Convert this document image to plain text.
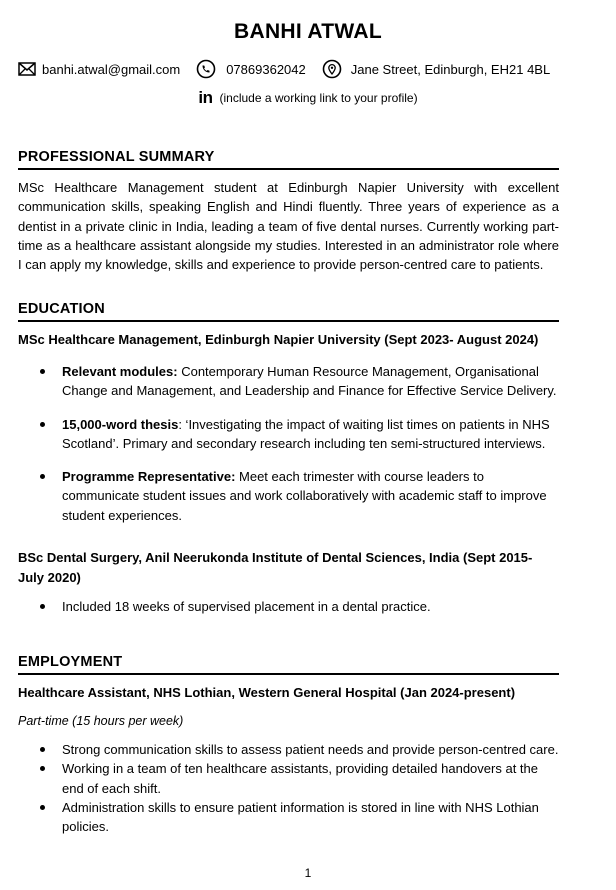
BANHI ATWAL
banhi.atwal@gmail.com	07869362042	Jane Street, Edinburgh, EH21 4BL
in (include a working link to your profile)
PROFESSIONAL SUMMARY
MSc Healthcare Management student at Edinburgh Napier University with excellent communication skills, speaking English and Hindi fluently. Three years of experience as a dentist in a private clinic in India, leading a team of five dental nurses. Currently working part-time as a healthcare assistant alongside my studies. Interested in an administrator role where I can apply my knowledge, skills and experience to provide person-centred care to patients.
EDUCATION
MSc Healthcare Management, Edinburgh Napier University (Sept 2023- August 2024)
Relevant modules: Contemporary Human Resource Management, Organisational Change and Management, and Leadership and Finance for Effective Service Delivery.
15,000-word thesis: ‘Investigating the impact of waiting list times on patients in NHS Scotland’. Primary and secondary research including ten semi-structured interviews.
Programme Representative: Meet each trimester with course leaders to communicate student issues and work collaboratively with academic staff to improve student experiences.
BSc Dental Surgery, Anil Neerukonda Institute of Dental Sciences, India (Sept 2015- July 2020)
Included 18 weeks of supervised placement in a dental practice.
EMPLOYMENT
Healthcare Assistant, NHS Lothian, Western General Hospital (Jan 2024-present)
Part-time (15 hours per week)
Strong communication skills to assess patient needs and provide person-centred care.
Working in a team of ten healthcare assistants, providing detailed handovers at the end of each shift.
Administration skills to ensure patient information is stored in line with NHS Lothian policies.
1
